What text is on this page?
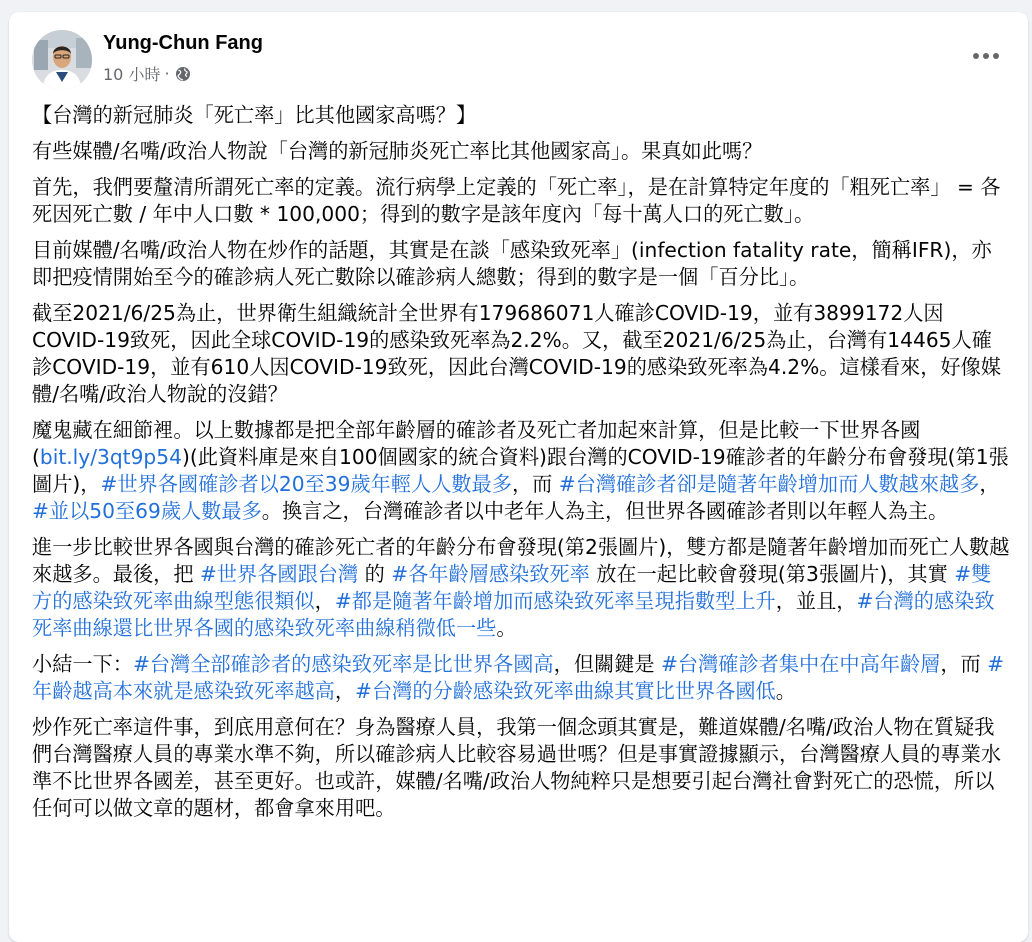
Yung-Chun Fang
10 小時 ·

【台灣的新冠肺炎「死亡率」比其他國家高嗎？】

有些媒體/名嘴/政治人物說「台灣的新冠肺炎死亡率比其他國家高」。果真如此嗎？

首先，我們要釐清所謂死亡率的定義。流行病學上定義的「死亡率」，是在計算特定年度的「粗死亡率」 = 各死因死亡數 / 年中人口數 * 100,000；得到的數字是該年度內「每十萬人口的死亡數」。

目前媒體/名嘴/政治人物在炒作的話題，其實是在談「感染致死率」(infection fatality rate，簡稱IFR)，亦即把疫情開始至今的確診病人死亡數除以確診病人總數；得到的數字是一個「百分比」。

截至2021/6/25為止，世界衛生組織統計全世界有179686071人確診COVID-19，並有3899172人因COVID-19致死，因此全球COVID-19的感染致死率為2.2%。又，截至2021/6/25為止，台灣有14465人確診COVID-19，並有610人因COVID-19致死，因此台灣COVID-19的感染致死率為4.2%。這樣看來，好像媒體/名嘴/政治人物說的沒錯？

魔鬼藏在細節裡。以上數據都是把全部年齡層的確診者及死亡者加起來計算，但是比較一下世界各國(bit.ly/3qt9p54)(此資料庫是來自100個國家的統合資料)跟台灣的COVID-19確診者的年齡分布會發現(第1張圖片)，#世界各國確診者以20至39歲年輕人人數最多，而 #台灣確診者卻是隨著年齡增加而人數越來越多，#並以50至69歲人數最多。換言之，台灣確診者以中老年人為主，但世界各國確診者則以年輕人為主。

進一步比較世界各國與台灣的確診死亡者的年齡分布會發現(第2張圖片)，雙方都是隨著年齡增加而死亡人數越來越多。最後，把 #世界各國跟台灣 的 #各年齡層感染致死率 放在一起比較會發現(第3張圖片)，其實 #雙方的感染致死率曲線型態很類似，#都是隨著年齡增加而感染致死率呈現指數型上升，並且，#台灣的感染致死率曲線還比世界各國的感染致死率曲線稍微低一些。

小結一下：#台灣全部確診者的感染致死率是比世界各國高，但關鍵是 #台灣確診者集中在中高年齡層，而 #年齡越高本來就是感染致死率越高，#台灣的分齡感染致死率曲線其實比世界各國低。

炒作死亡率這件事，到底用意何在？身為醫療人員，我第一個念頭其實是，難道媒體/名嘴/政治人物在質疑我們台灣醫療人員的專業水準不夠，所以確診病人比較容易過世嗎？但是事實證據顯示，台灣醫療人員的專業水準不比世界各國差，甚至更好。也或許，媒體/名嘴/政治人物純粹只是想要引起台灣社會對死亡的恐慌，所以任何可以做文章的題材，都會拿來用吧。
